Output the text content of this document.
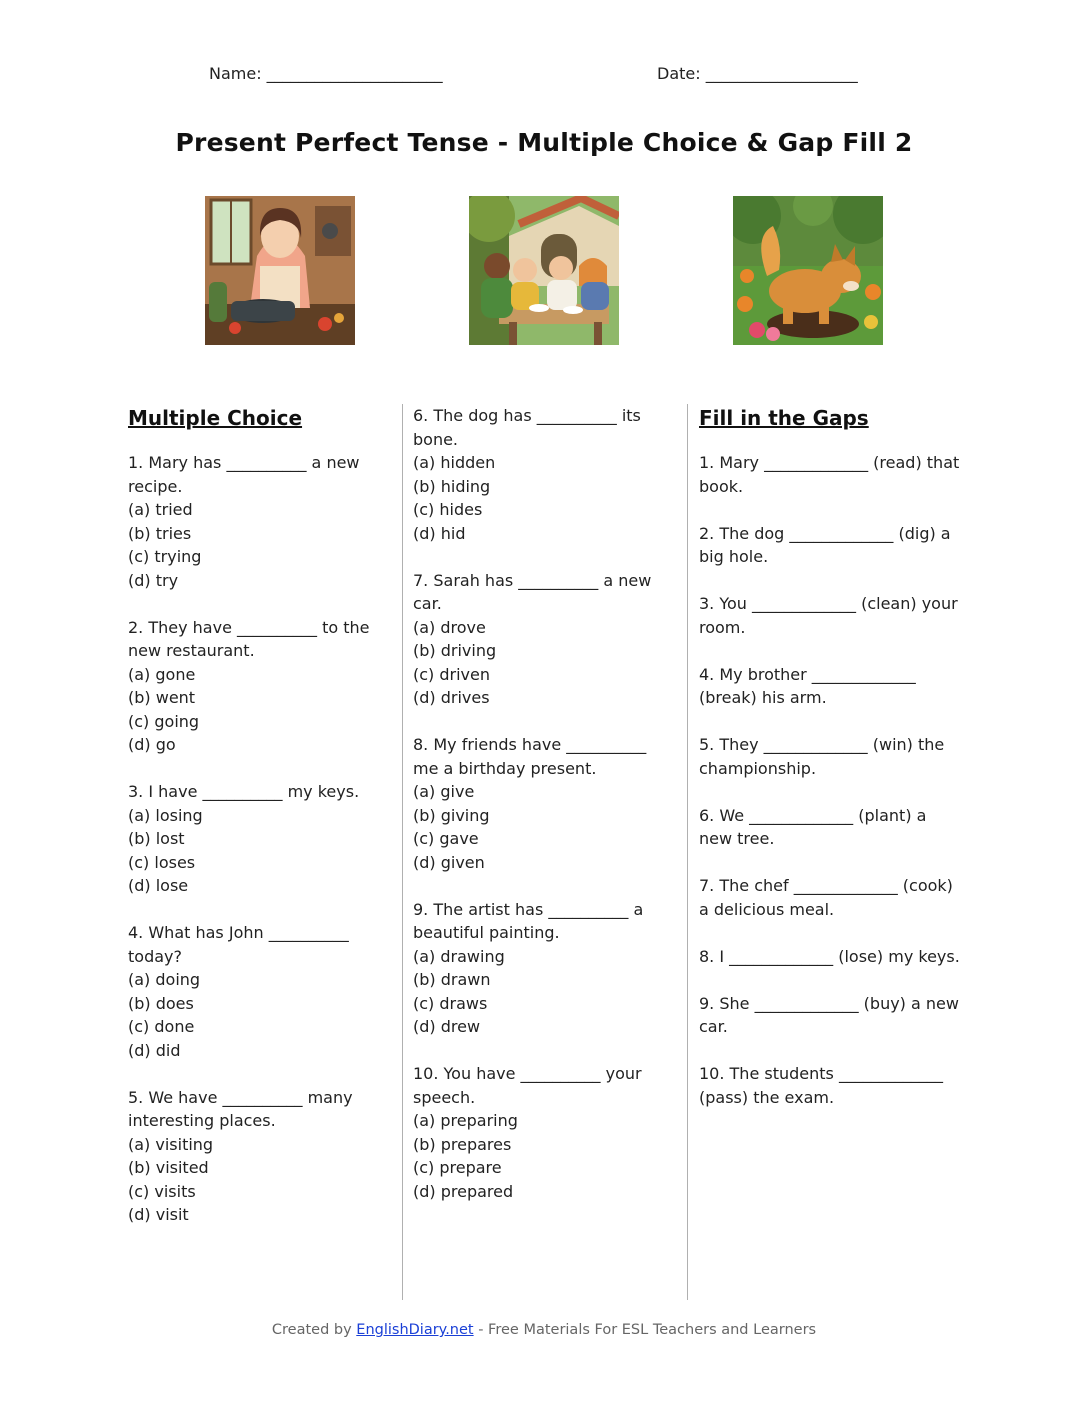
Name: ______________________	Date: ___________________
Present Perfect Tense - Multiple Choice & Gap Fill 2
Multiple Choice
1. Mary has __________ a new recipe.
(a) tried
(b) tries
(c) trying
(d) try
2. They have __________ to the new restaurant.
(a) gone
(b) went
(c) going
(d) go
3. I have __________ my keys.
(a) losing
(b) lost
(c) loses
(d) lose
4. What has John __________ today?
(a) doing
(b) does
(c) done
(d) did
5. We have __________ many interesting places.
(a) visiting
(b) visited
(c) visits
(d) visit
6. The dog has __________ its bone.
(a) hidden
(b) hiding
(c) hides
(d) hid
7. Sarah has __________ a new car.
(a) drove
(b) driving
(c) driven
(d) drives
8. My friends have __________ me a birthday present.
(a) give
(b) giving
(c) gave
(d) given
9. The artist has __________ a beautiful painting.
(a) drawing
(b) drawn
(c) draws
(d) drew
10. You have __________ your speech.
(a) preparing
(b) prepares
(c) prepare
(d) prepared
Fill in the Gaps
1. Mary _____________ (read) that book.
2. The dog _____________ (dig) a big hole.
3. You _____________ (clean) your room.
4. My brother _____________ (break) his arm.
5. They _____________ (win) the championship.
6. We _____________ (plant) a new tree.
7. The chef _____________ (cook) a delicious meal.
8. I _____________ (lose) my keys.
9. She _____________ (buy) a new car.
10. The students _____________ (pass) the exam.
Created by EnglishDiary.net - Free Materials For ESL Teachers and Learners
